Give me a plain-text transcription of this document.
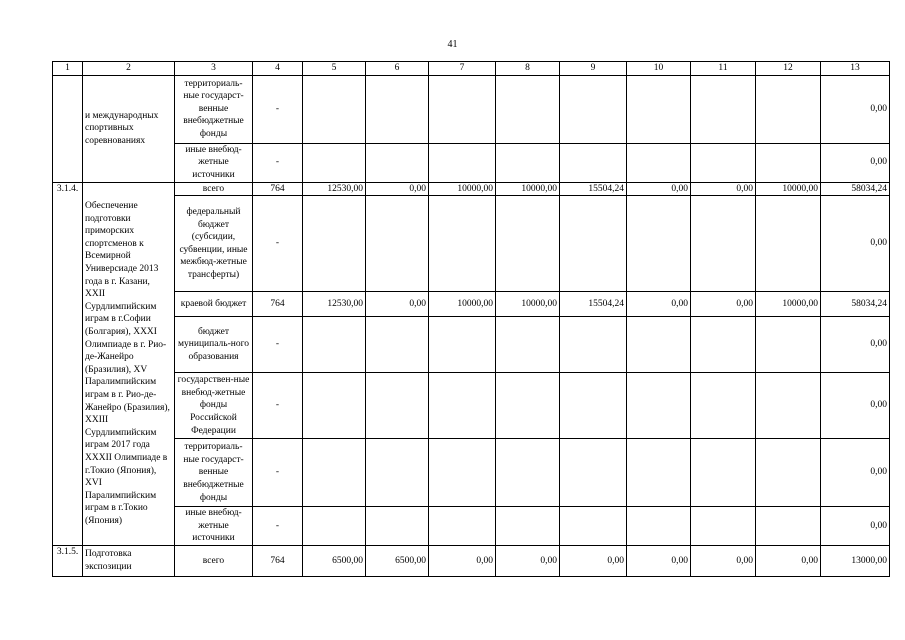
41
1	2	3	4	5	6	7	8	9	10	11	12	13
	и международных спортивных соревнованиях	территориаль-ные государст-венные внебюджетные фонды	-									0,00
		иные внебюд-жетные источники	-									0,00
3.1.4.	Обеспечение подготовки приморских спортсменов к Всемирной Универсиаде 2013 года в г. Казани, XXII Сурдлимпийским играм в г.Софии (Болгария), XXXI Олимпиаде в г. Рио-де-Жанейро (Бразилия), XV Паралимпийским играм в г. Рио-де-Жанейро (Бразилия), XXIII Сурдлимпийским играм 2017 года XXXII Олимпиаде в г.Токио (Япония), XVI Паралимпийским играм в г.Токио (Япония)	всего	764	12530,00	0,00	10000,00	10000,00	15504,24	0,00	0,00	10000,00	58034,24
		федеральный бюджет (субсидии, субвенции, иные межбюд-жетные трансферты)	-									0,00
		краевой бюджет	764	12530,00	0,00	10000,00	10000,00	15504,24	0,00	0,00	10000,00	58034,24
		бюджет муниципаль-ного образования	-									0,00
		государствен-ные внебюд-жетные фонды Российской Федерации	-									0,00
		территориаль-ные государст-венные внебюджетные фонды	-									0,00
		иные внебюд-жетные источники	-									0,00
3.1.5.	Подготовка экспозиции	всего	764	6500,00	6500,00	0,00	0,00	0,00	0,00	0,00	0,00	13000,00
